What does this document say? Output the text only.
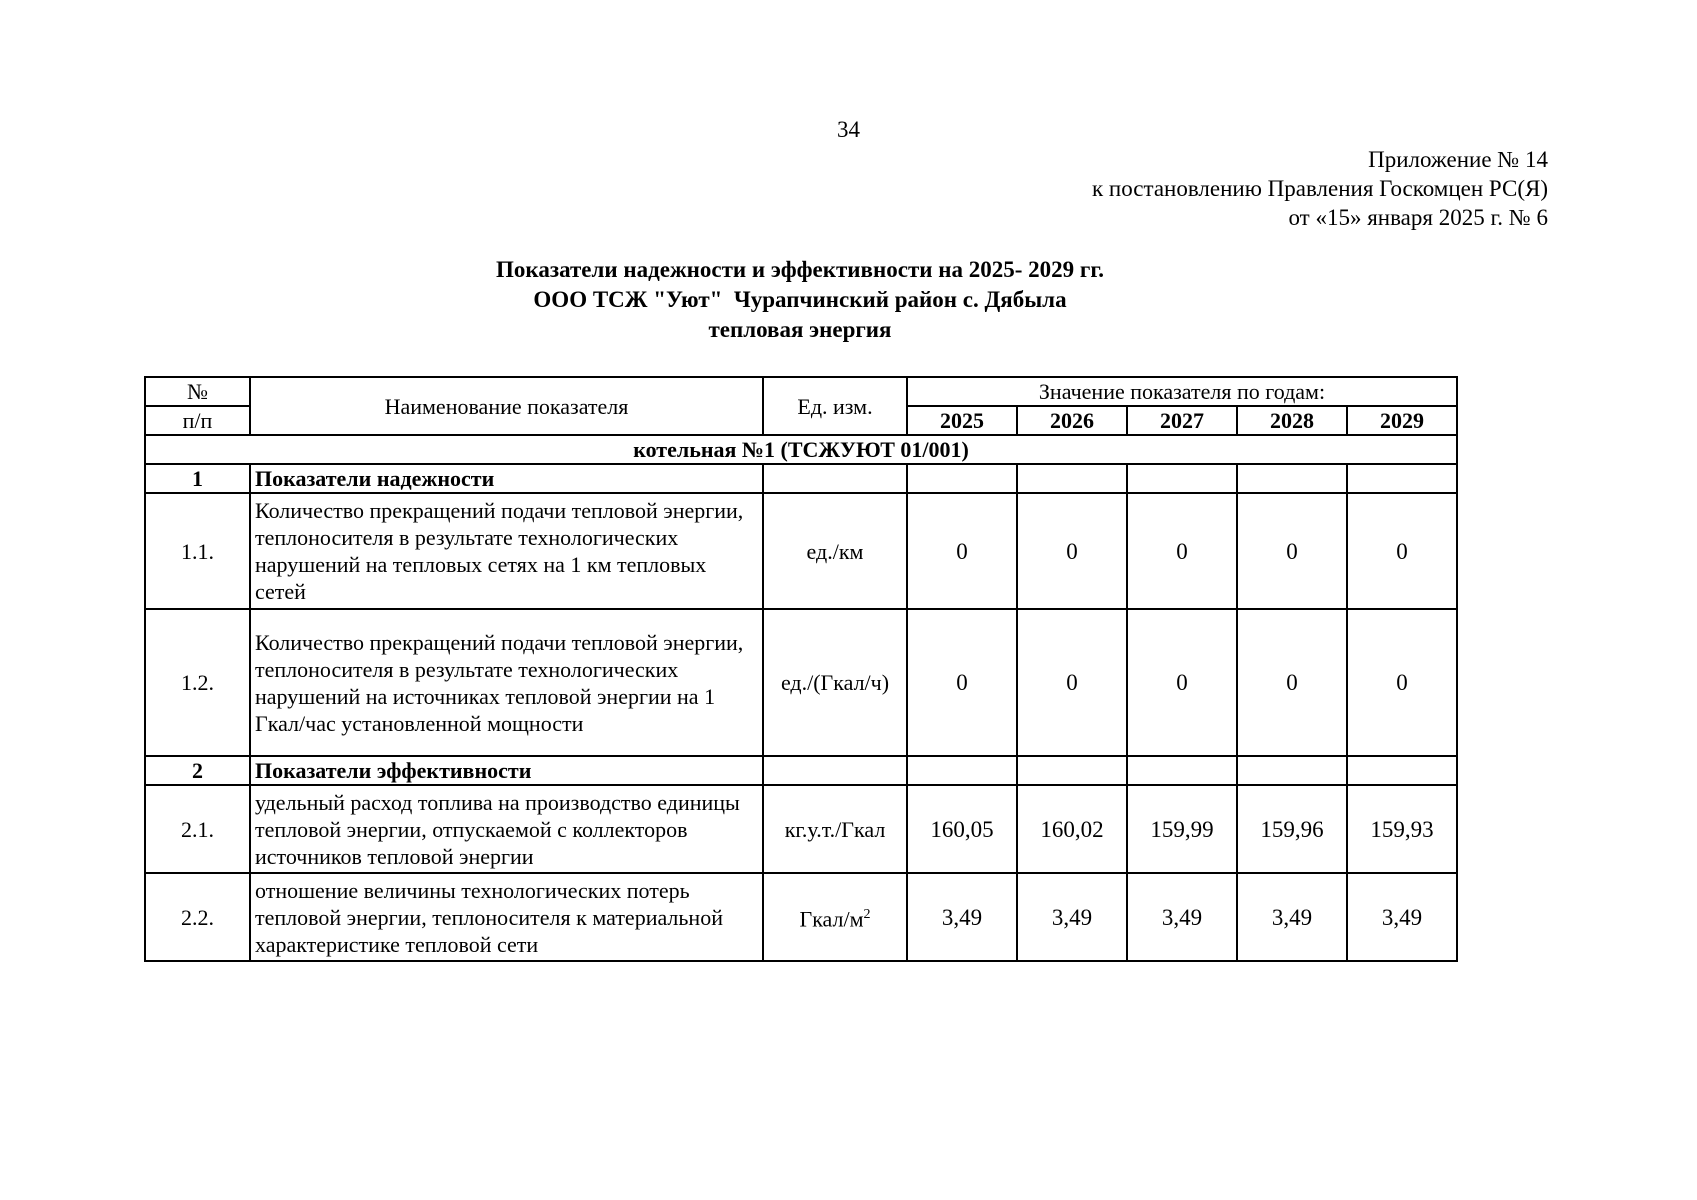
34
Приложение № 14
к постановлению Правления Госкомцен РС(Я)
от «15» января 2025 г. № 6
Показатели надежности и эффективности на 2025- 2029 гг.
ООО ТСЖ "Уют"  Чурапчинский район с. Дябыла
тепловая энергия
№	Наименование показателя	Ед. изм.	Значение показателя по годам:				
п/п			2025	2026	2027	2028	2029
котельная №1 (ТСЖУЮТ 01/001)							
1	Показатели надежности						
1.1.	Количество прекращений подачи тепловой энергии, теплоносителя в результате технологических нарушений на тепловых сетях на 1 км тепловых сетей	ед./км	0	0	0	0	0
1.2.	Количество прекращений подачи тепловой энергии, теплоносителя в результате технологических нарушений на источниках тепловой энергии на 1 Гкал/час установленной мощности	ед./(Гкал/ч)	0	0	0	0	0
2	Показатели эффективности						
2.1.	удельный расход топлива на производство единицы тепловой энергии, отпускаемой с коллекторов источников тепловой энергии	кг.у.т./Гкал	160,05	160,02	159,99	159,96	159,93
2.2.	отношение величины технологических потерь тепловой энергии, теплоносителя к материальной характеристике тепловой сети	Гкал/$м^2$	3,49	3,49	3,49	3,49	3,49
